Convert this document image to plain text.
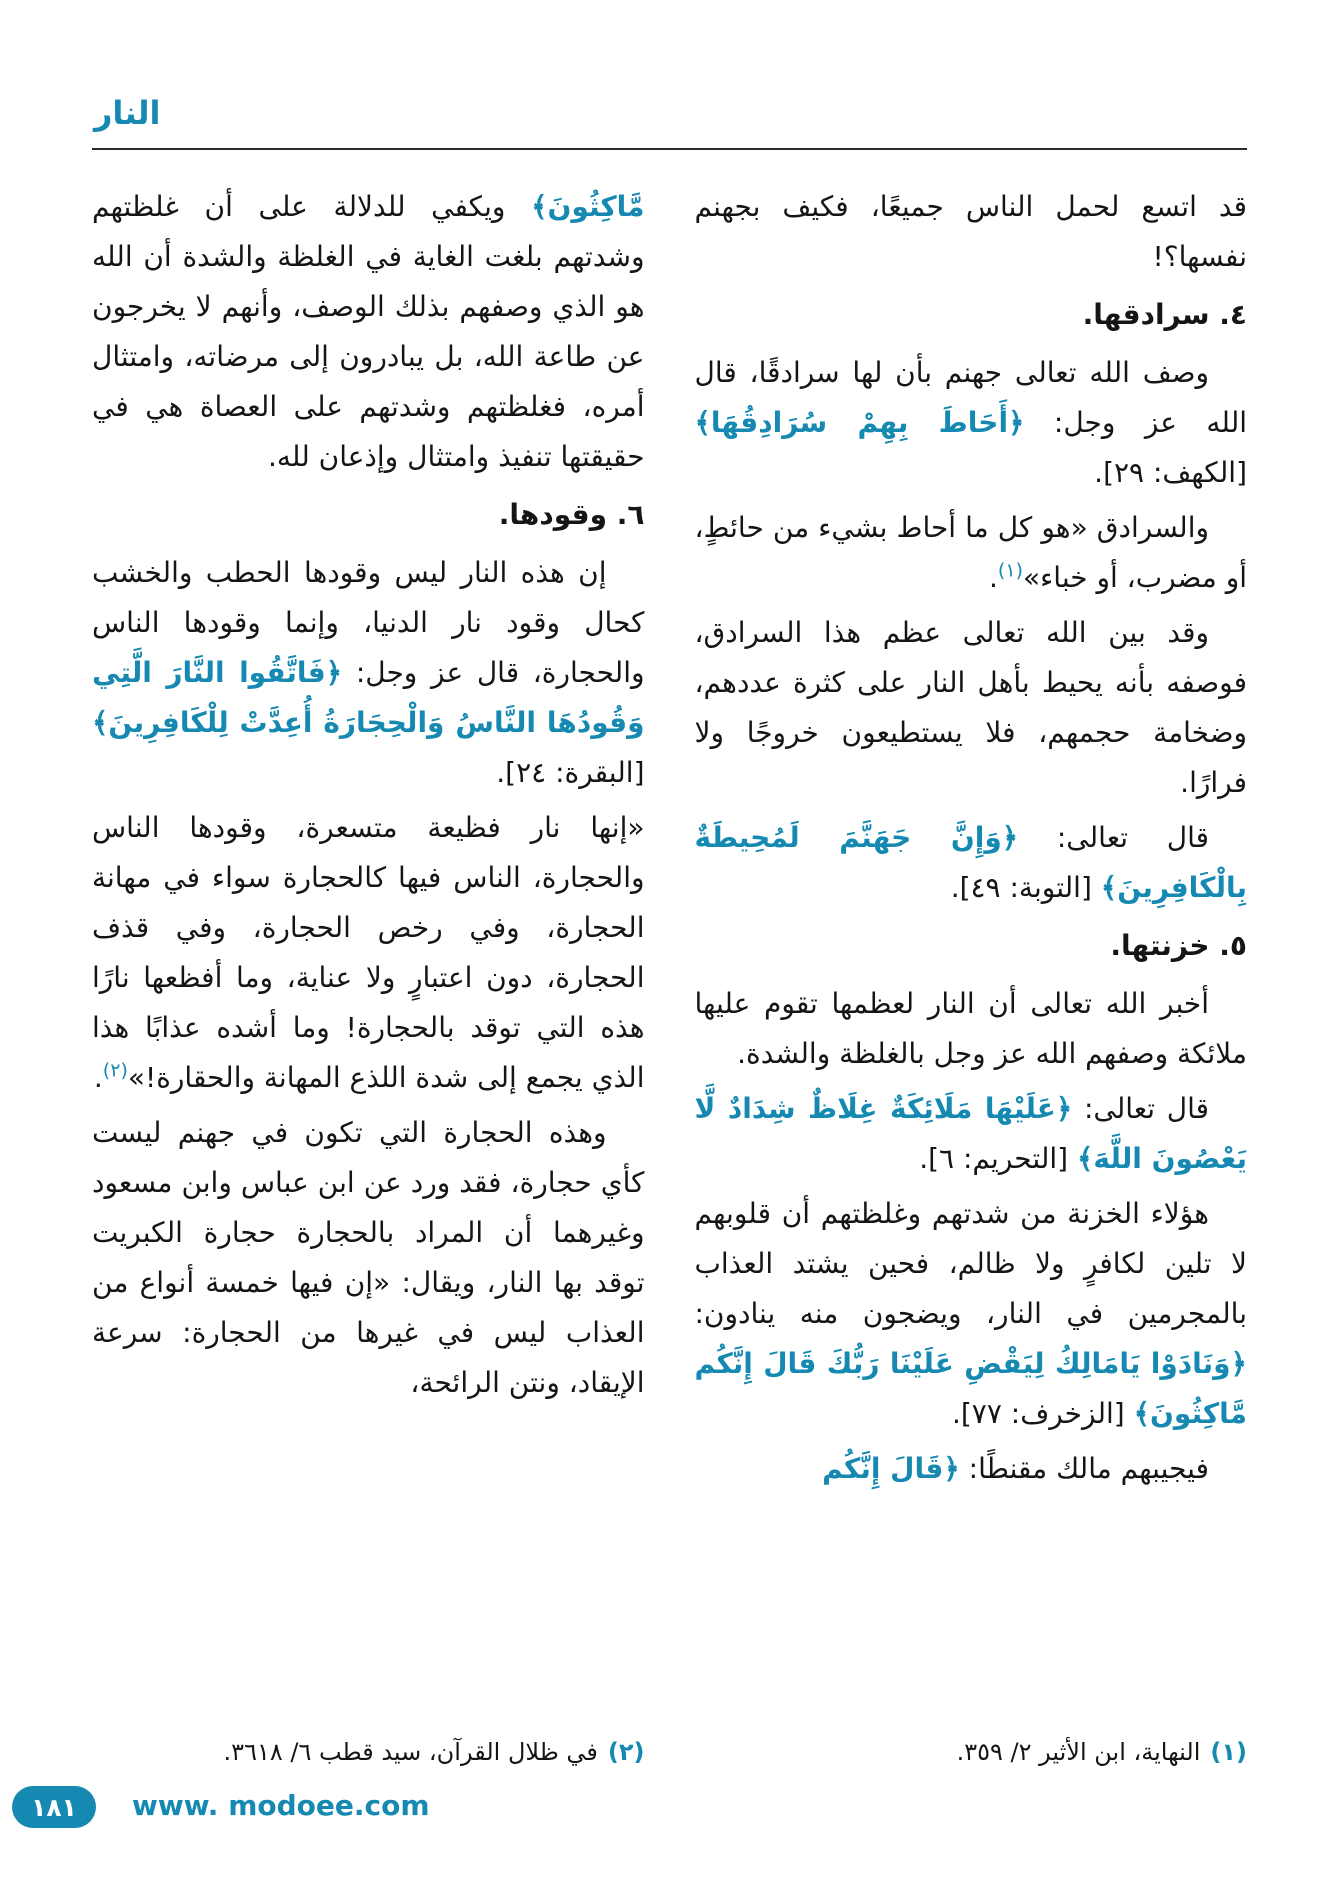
النار

قد اتسع لحمل الناس جميعًا، فكيف بجهنم نفسها؟!

٤. سرادقها.

وصف الله تعالى جهنم بأن لها سرادقًا، قال الله عز وجل: ﴿أَحَاطَ بِهِمْ سُرَادِقُهَا﴾ [الكهف: ٢٩].

والسرادق «هو كل ما أحاط بشيء من حائطٍ، أو مضرب، أو خباء»$^{(١)}$.

وقد بين الله تعالى عظم هذا السرادق، فوصفه بأنه يحيط بأهل النار على كثرة عددهم، وضخامة حجمهم، فلا يستطيعون خروجًا ولا فرارًا.

قال تعالى: ﴿وَإِنَّ جَهَنَّمَ لَمُحِيطَةٌ بِالْكَافِرِينَ﴾ [التوبة: ٤٩].

٥. خزنتها.

أخبر الله تعالى أن النار لعظمها تقوم عليها ملائكة وصفهم الله عز وجل بالغلظة والشدة.

قال تعالى: ﴿عَلَيْهَا مَلَائِكَةٌ غِلَاظٌ شِدَادٌ لَّا يَعْصُونَ اللَّهَ﴾ [التحريم: ٦].

هؤلاء الخزنة من شدتهم وغلظتهم أن قلوبهم لا تلين لكافرٍ ولا ظالم، فحين يشتد العذاب بالمجرمين في النار، ويضجون منه ينادون: ﴿وَنَادَوْا يَامَالِكُ لِيَقْضِ عَلَيْنَا رَبُّكَ قَالَ إِنَّكُم مَّاكِثُونَ﴾ [الزخرف: ٧٧].

فيجيبهم مالك مقنطًا: ﴿قَالَ إِنَّكُم

مَّاكِثُونَ﴾ ويكفي للدلالة على أن غلظتهم وشدتهم بلغت الغاية في الغلظة والشدة أن الله هو الذي وصفهم بذلك الوصف، وأنهم لا يخرجون عن طاعة الله، بل يبادرون إلى مرضاته، وامتثال أمره، فغلظتهم وشدتهم على العصاة هي في حقيقتها تنفيذ وامتثال وإذعان لله.

٦. وقودها.

إن هذه النار ليس وقودها الحطب والخشب كحال وقود نار الدنيا، وإنما وقودها الناس والحجارة، قال عز وجل: ﴿فَاتَّقُوا النَّارَ الَّتِي وَقُودُهَا النَّاسُ وَالْحِجَارَةُ أُعِدَّتْ لِلْكَافِرِينَ﴾ [البقرة: ٢٤].

«إنها نار فظيعة متسعرة، وقودها الناس والحجارة، الناس فيها كالحجارة سواء في مهانة الحجارة، وفي رخص الحجارة، وفي قذف الحجارة، دون اعتبارٍ ولا عناية، وما أفظعها نارًا هذه التي توقد بالحجارة! وما أشده عذابًا هذا الذي يجمع إلى شدة اللذع المهانة والحقارة!»$^{(٢)}$.

وهذه الحجارة التي تكون في جهنم ليست كأي حجارة، فقد ورد عن ابن عباس وابن مسعود وغيرهما أن المراد بالحجارة حجارة الكبريت توقد بها النار، ويقال: «إن فيها خمسة أنواع من العذاب ليس في غيرها من الحجارة: سرعة الإيقاد، ونتن الرائحة،

(١)النهاية، ابن الأثير ٢/ ٣٥٩.
(٢)في ظلال القرآن، سيد قطب ٦/ ٣٦١٨.
١٨١ www. modoee.com
